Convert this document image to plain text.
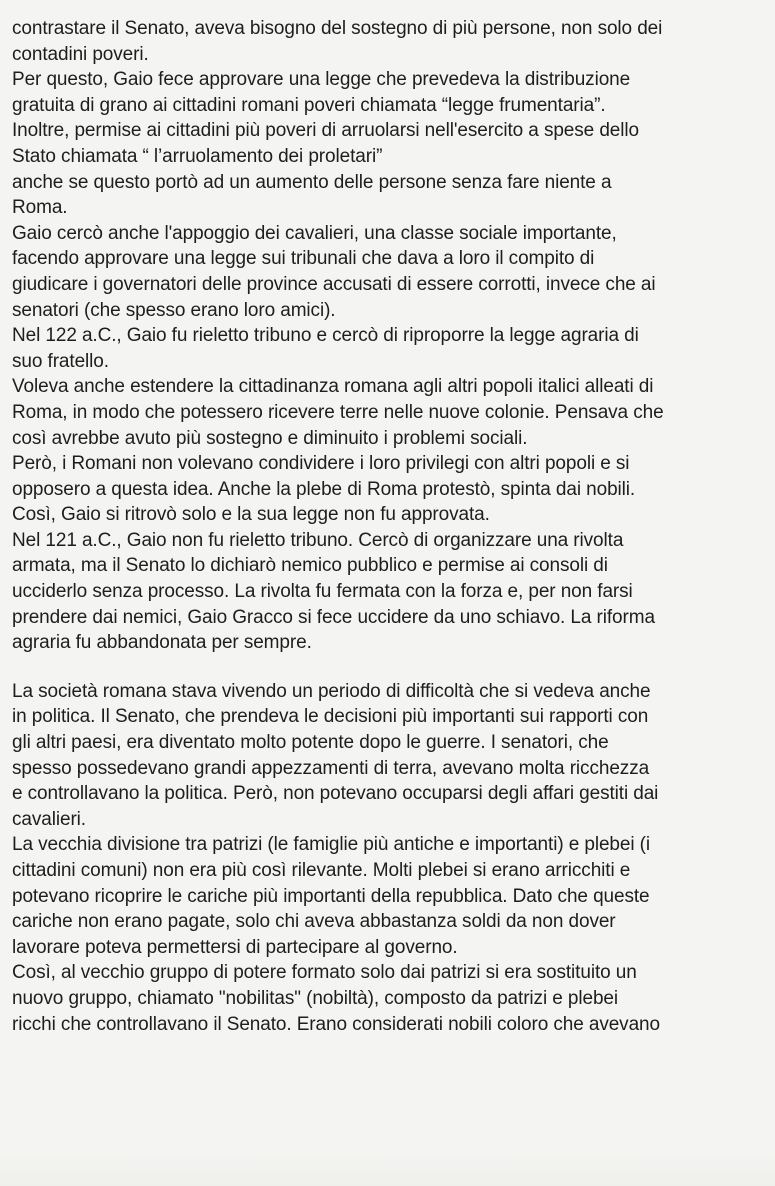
contrastare il Senato, aveva bisogno del sostegno di più persone, non solo dei
contadini poveri.
Per questo, Gaio fece approvare una legge che prevedeva la distribuzione
gratuita di grano ai cittadini romani poveri chiamata “legge frumentaria”.
Inoltre, permise ai cittadini più poveri di arruolarsi nell'esercito a spese dello
Stato chiamata “ l’arruolamento dei proletari”
anche se questo portò ad un aumento delle persone senza fare niente a
Roma.
Gaio cercò anche l'appoggio dei cavalieri, una classe sociale importante,
facendo approvare una legge sui tribunali che dava a loro il compito di
giudicare i governatori delle province accusati di essere corrotti, invece che ai
senatori (che spesso erano loro amici).
Nel 122 a.C., Gaio fu rieletto tribuno e cercò di riproporre la legge agraria di
suo fratello.
Voleva anche estendere la cittadinanza romana agli altri popoli italici alleati di
Roma, in modo che potessero ricevere terre nelle nuove colonie. Pensava che
così avrebbe avuto più sostegno e diminuito i problemi sociali.
Però, i Romani non volevano condividere i loro privilegi con altri popoli e si
opposero a questa idea. Anche la plebe di Roma protestò, spinta dai nobili.
Così, Gaio si ritrovò solo e la sua legge non fu approvata.
Nel 121 a.C., Gaio non fu rieletto tribuno. Cercò di organizzare una rivolta
armata, ma il Senato lo dichiarò nemico pubblico e permise ai consoli di
ucciderlo senza processo. La rivolta fu fermata con la forza e, per non farsi
prendere dai nemici, Gaio Gracco si fece uccidere da uno schiavo. La riforma
agraria fu abbandonata per sempre.
La società romana stava vivendo un periodo di difficoltà che si vedeva anche
in politica. Il Senato, che prendeva le decisioni più importanti sui rapporti con
gli altri paesi, era diventato molto potente dopo le guerre. I senatori, che
spesso possedevano grandi appezzamenti di terra, avevano molta ricchezza
e controllavano la politica. Però, non potevano occuparsi degli affari gestiti dai
cavalieri.
La vecchia divisione tra patrizi (le famiglie più antiche e importanti) e plebei (i
cittadini comuni) non era più così rilevante. Molti plebei si erano arricchiti e
potevano ricoprire le cariche più importanti della repubblica. Dato che queste
cariche non erano pagate, solo chi aveva abbastanza soldi da non dover
lavorare poteva permettersi di partecipare al governo.
Così, al vecchio gruppo di potere formato solo dai patrizi si era sostituito un
nuovo gruppo, chiamato "nobilitas" (nobiltà), composto da patrizi e plebei
ricchi che controllavano il Senato. Erano considerati nobili coloro che avevano
